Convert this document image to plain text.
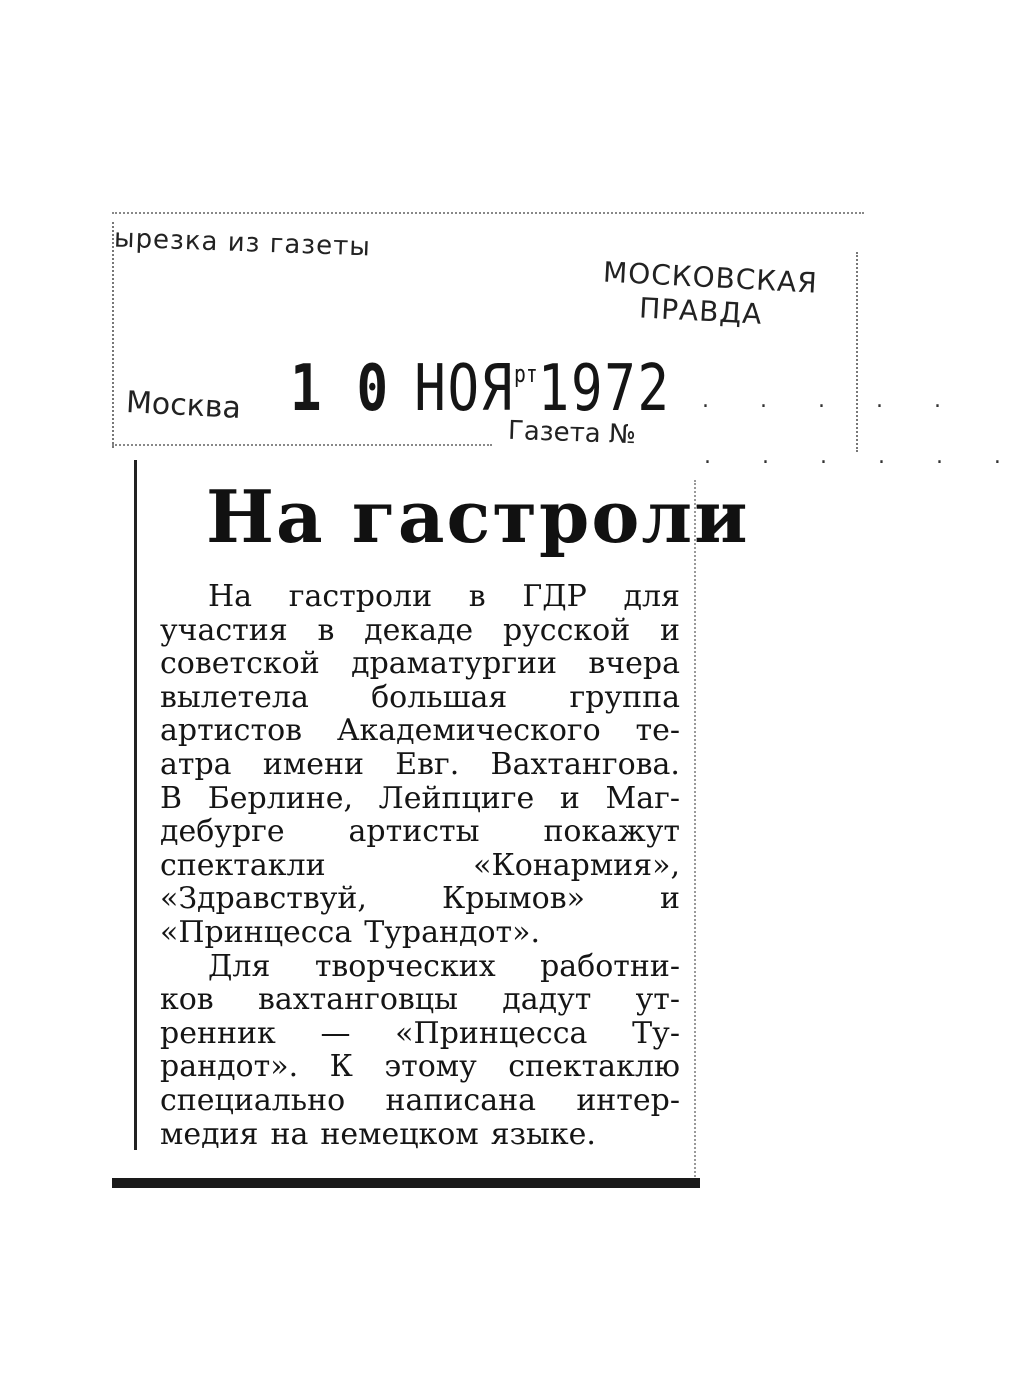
ырезка из газеты
МОСКОВСКАЯ
ПРАВДА
Москва 1 0 $НОЯ^{рт}1972$ . . . . .
Газета №
. . . . . .
На гастроли
На гастроли в ГДР для
участия в декаде русской и
советской драматургии вчера
вылетела большая группа
артистов Академического те-
атра имени Евг. Вахтангова.
В Берлине, Лейпциге и Маг-
дебурге артисты покажут
спектакли	«Конармия»,
«Здравствуй,	Крымов»	и
«Принцесса Турандот».
Для творческих работни-
ков вахтанговцы дадут ут-
ренник — «Принцесса Ту-
рандот». К этому спектаклю
специально написана интер-
медия на немецком языке.
